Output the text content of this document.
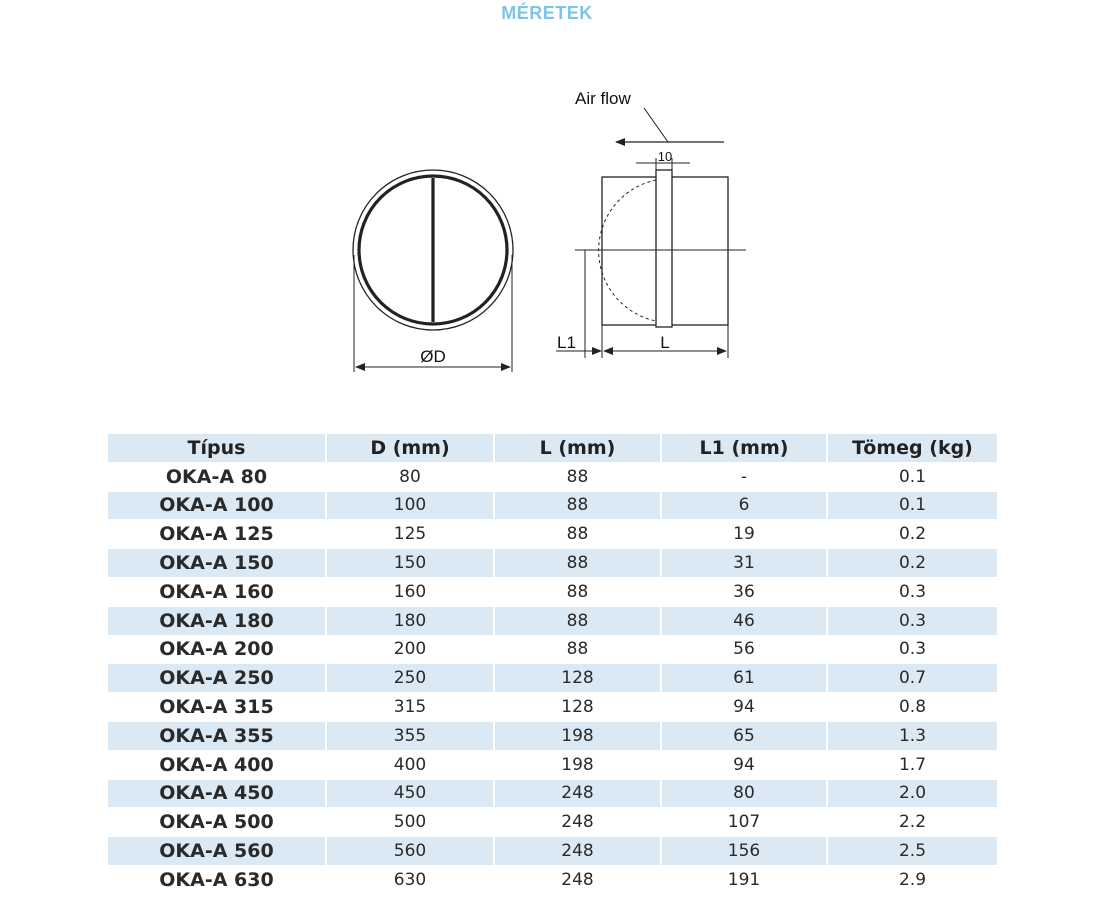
MÉRETEK
ØD
Air flow
10
L1	L
Típus	D (mm)	L (mm)	L1 (mm)	Tömeg (kg)
OKA-A 80	80	88	-	0.1
OKA-A 100	100	88	6	0.1
OKA-A 125	125	88	19	0.2
OKA-A 150	150	88	31	0.2
OKA-A 160	160	88	36	0.3
OKA-A 180	180	88	46	0.3
OKA-A 200	200	88	56	0.3
OKA-A 250	250	128	61	0.7
OKA-A 315	315	128	94	0.8
OKA-A 355	355	198	65	1.3
OKA-A 400	400	198	94	1.7
OKA-A 450	450	248	80	2.0
OKA-A 500	500	248	107	2.2
OKA-A 560	560	248	156	2.5
OKA-A 630	630	248	191	2.9
